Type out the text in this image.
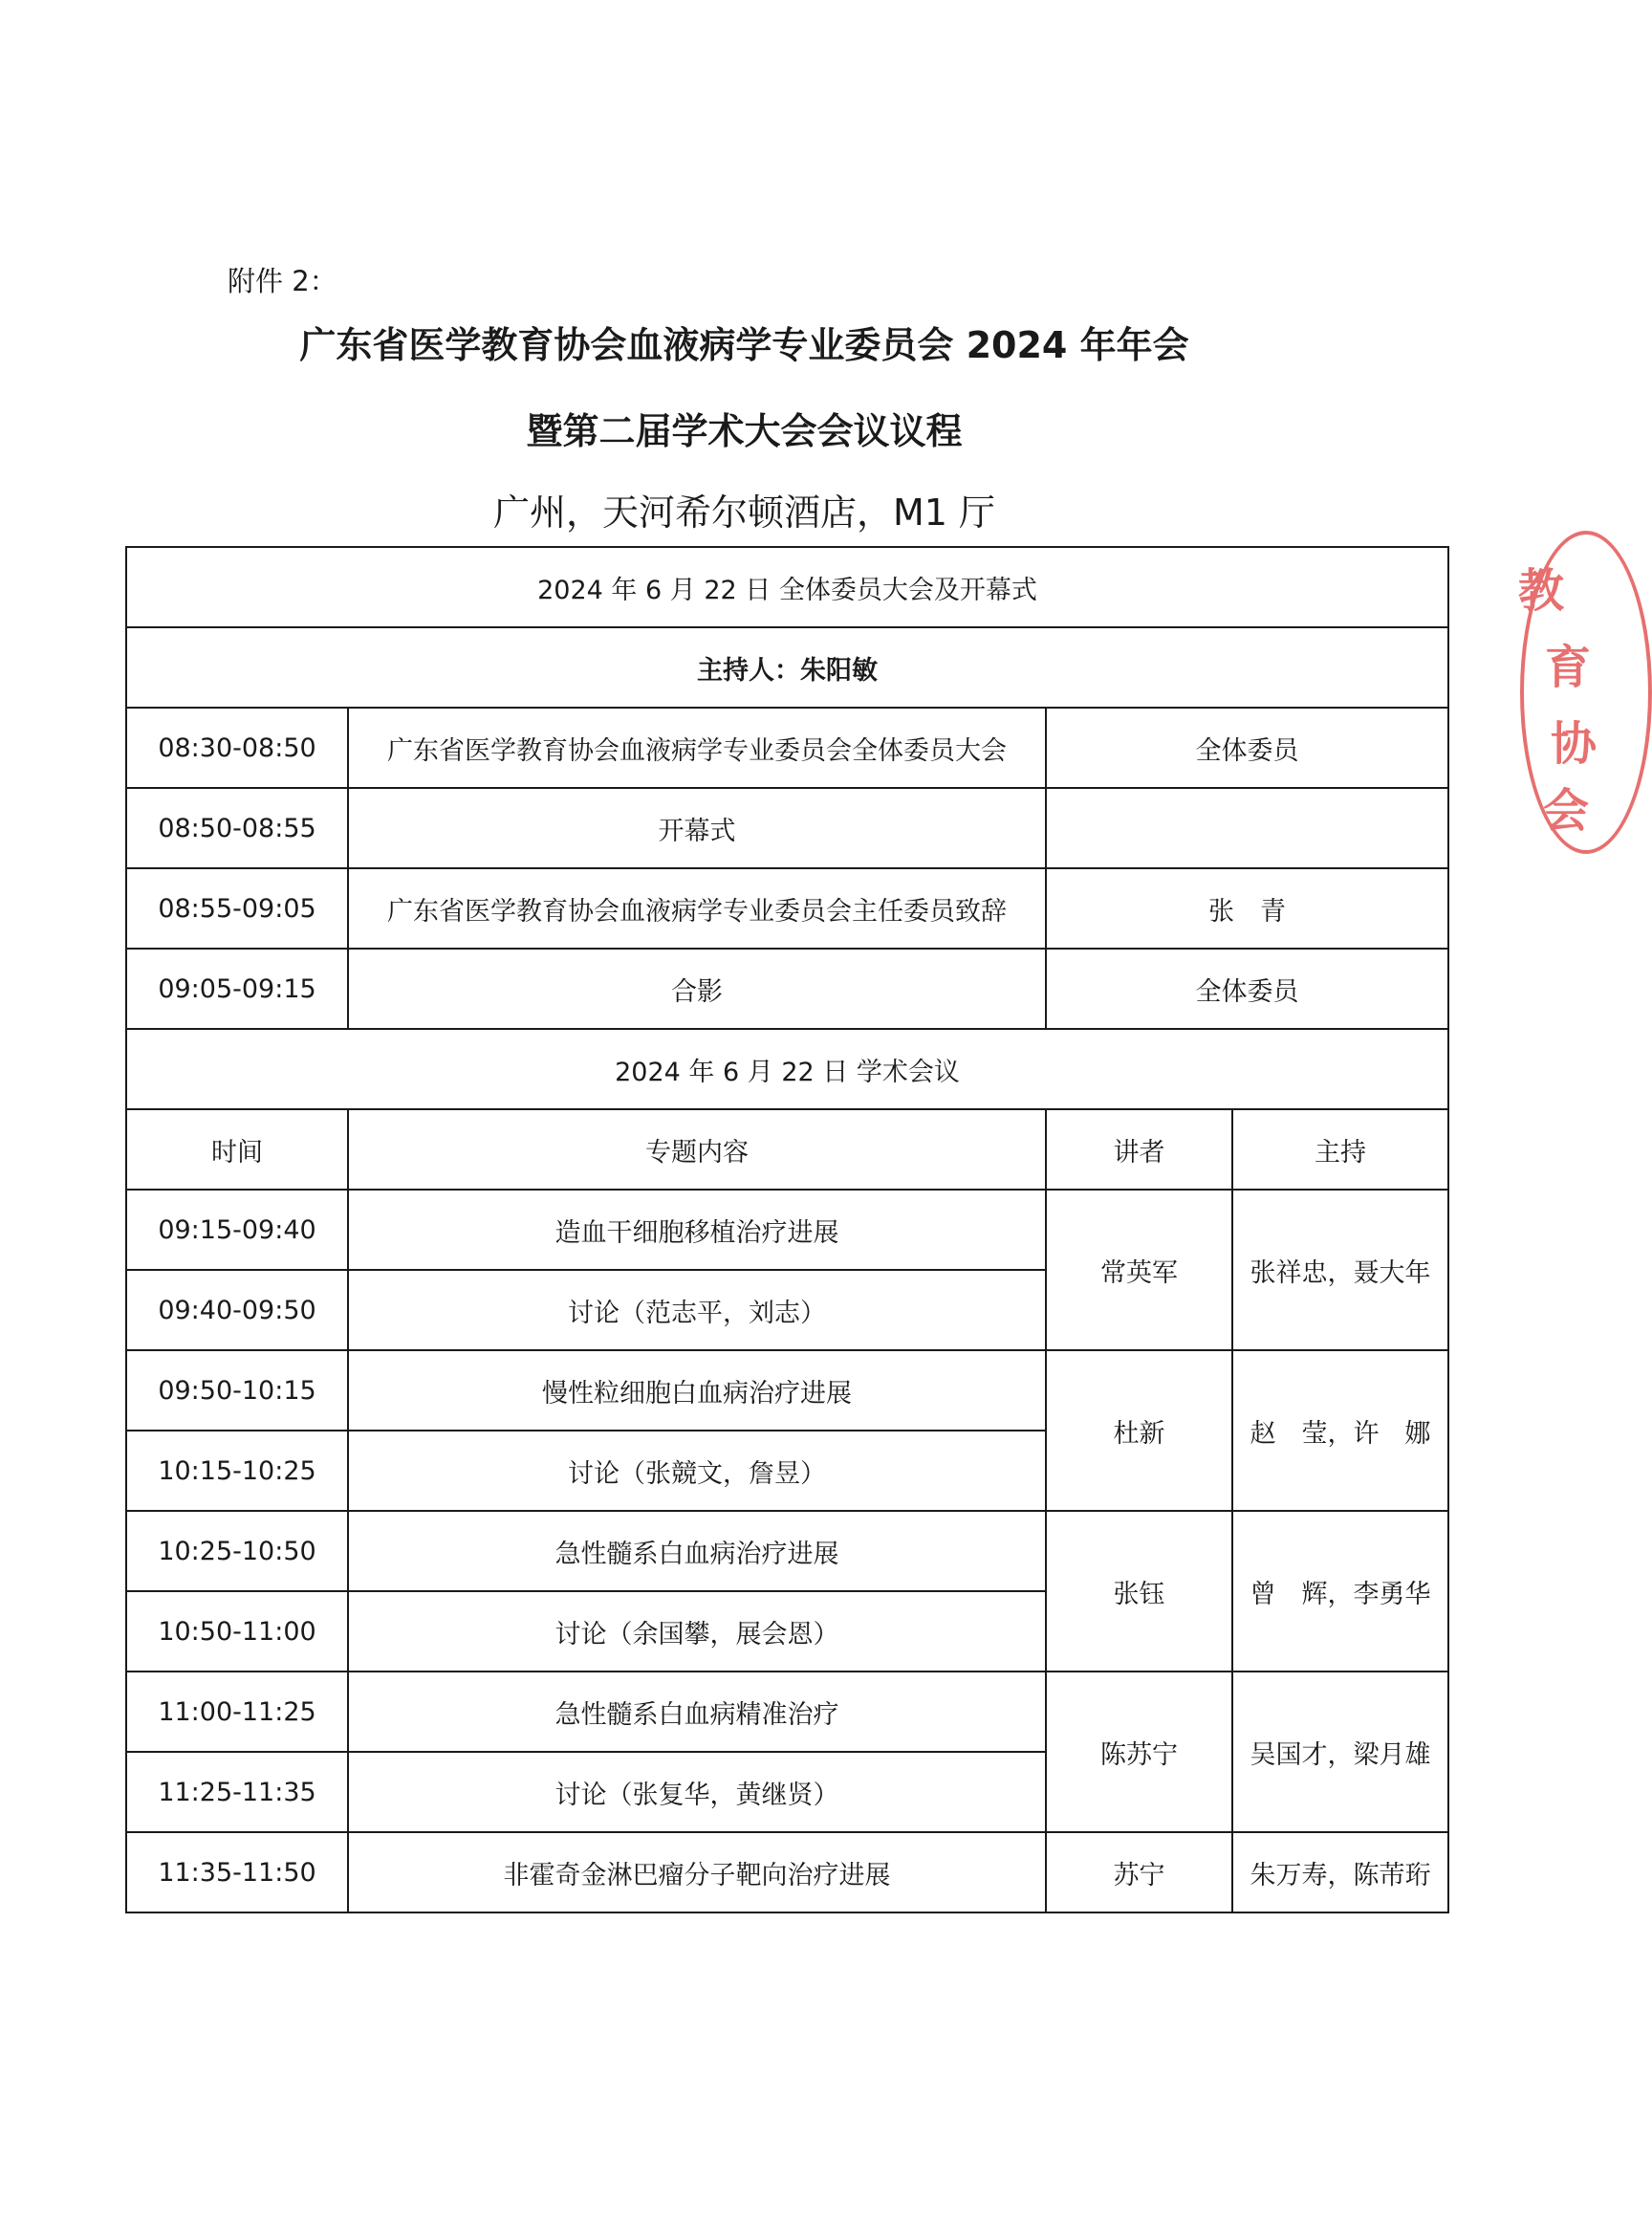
附件 2：
广东省医学教育协会血液病学专业委员会 2024 年年会
暨第二届学术大会会议议程
广州，天河希尔顿酒店，M1 厅
2024 年 6 月 22 日 全体委员大会及开幕式			
主持人：朱阳敏			
08:30-08:50	广东省医学教育协会血液病学专业委员会全体委员大会	全体委员	
08:50-08:55	开幕式		
08:55-09:05	广东省医学教育协会血液病学专业委员会主任委员致辞	张　青	
09:05-09:15	合影	全体委员	
2024 年 6 月 22 日 学术会议			
时间	专题内容	讲者	主持
09:15-09:40	造血干细胞移植治疗进展	常英军	张祥忠，聂大年
09:40-09:50	讨论（范志平，刘志）		
09:50-10:15	慢性粒细胞白血病治疗进展	杜新	赵　莹，许　娜
10:15-10:25	讨论（张競文，詹昱）		
10:25-10:50	急性髓系白血病治疗进展	张钰	曾　辉，李勇华
10:50-11:00	讨论（余国攀，展会恩）		
11:00-11:25	急性髓系白血病精准治疗	陈苏宁	吴国才，梁月雄
11:25-11:35	讨论（张复华，黄继贤）		
11:35-11:50	非霍奇金淋巴瘤分子靶向治疗进展	苏宁	朱万寿，陈芾珩
教
育
协
会
